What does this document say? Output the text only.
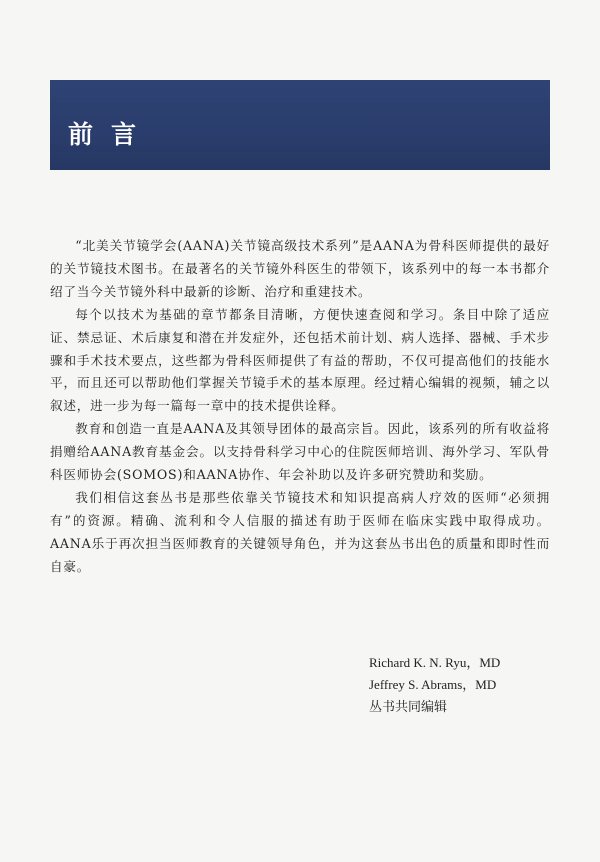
前言

“北美关节镜学会(AANA)关节镜高级技术系列”是AANA为骨科医师提供的最好的关节镜技术图书。在最著名的关节镜外科医生的带领下，该系列中的每一本书都介绍了当今关节镜外科中最新的诊断、治疗和重建技术。

每个以技术为基础的章节都条目清晰，方便快速查阅和学习。条目中除了适应证、禁忌证、术后康复和潜在并发症外，还包括术前计划、病人选择、器械、手术步骤和手术技术要点，这些都为骨科医师提供了有益的帮助，不仅可提高他们的技能水平，而且还可以帮助他们掌握关节镜手术的基本原理。经过精心编辑的视频，辅之以叙述，进一步为每一篇每一章中的技术提供诠释。

教育和创造一直是AANA及其领导团体的最高宗旨。因此，该系列的所有收益将捐赠给AANA教育基金会。以支持骨科学习中心的住院医师培训、海外学习、军队骨科医师协会(SOMOS)和AANA协作、年会补助以及许多研究赞助和奖励。

我们相信这套丛书是那些依靠关节镜技术和知识提高病人疗效的医师“必须拥有”的资源。精确、流利和令人信服的描述有助于医师在临床实践中取得成功。AANA乐于再次担当医师教育的关键领导角色，并为这套丛书出色的质量和即时性而自豪。

Richard K. N. Ryu，MD
Jeffrey S. Abrams，MD
丛书共同编辑
